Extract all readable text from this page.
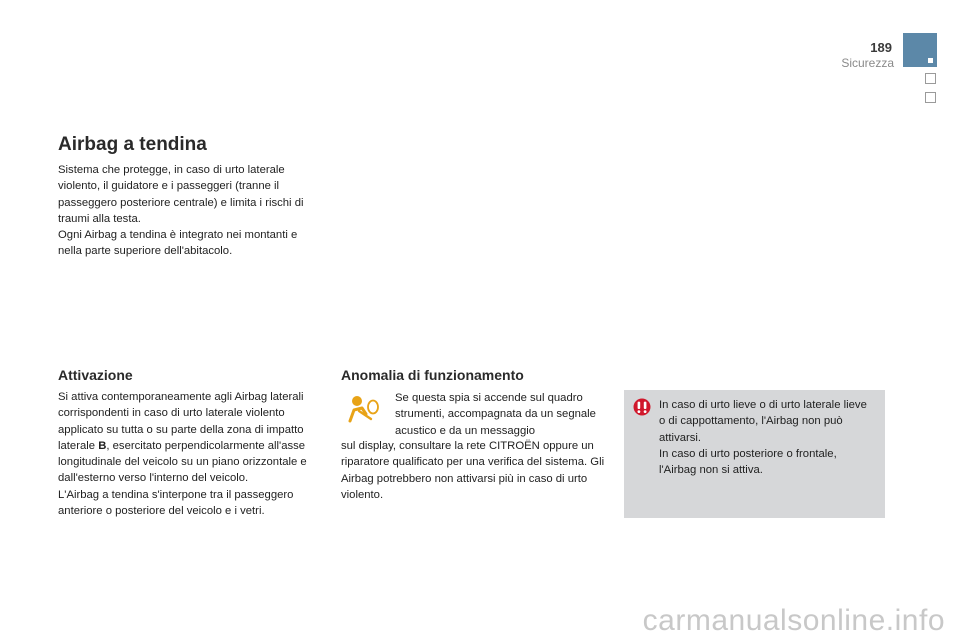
189
Sicurezza
Airbag a tendina

Sistema che protegge, in caso di urto laterale violento, il guidatore e i passeggeri (tranne il passeggero posteriore centrale) e limita i rischi di traumi alla testa.

Ogni Airbag a tendina è integrato nei montanti e nella parte superiore dell'abitacolo.

Attivazione

Si attiva contemporaneamente agli Airbag laterali corrispondenti in caso di urto laterale violento applicato su tutta o su parte della zona di impatto laterale B, esercitato perpendicolarmente all'asse longitudinale del veicolo su un piano orizzontale e dall'esterno verso l'interno del veicolo.

L'Airbag a tendina s'interpone tra il passeggero anteriore o posteriore del veicolo e i vetri.

Anomalia di funzionamento

Se questa spia si accende sul quadro strumenti, accompagnata da un segnale acustico e da un messaggio

sul display, consultare la rete CITROËN oppure un riparatore qualificato per una verifica del sistema. Gli Airbag potrebbero non attivarsi più in caso di urto violento.

In caso di urto lieve o di urto laterale lieve o di cappottamento, l'Airbag non può attivarsi.

In caso di urto posteriore o frontale, l'Airbag non si attiva.

carmanualsonline.info
